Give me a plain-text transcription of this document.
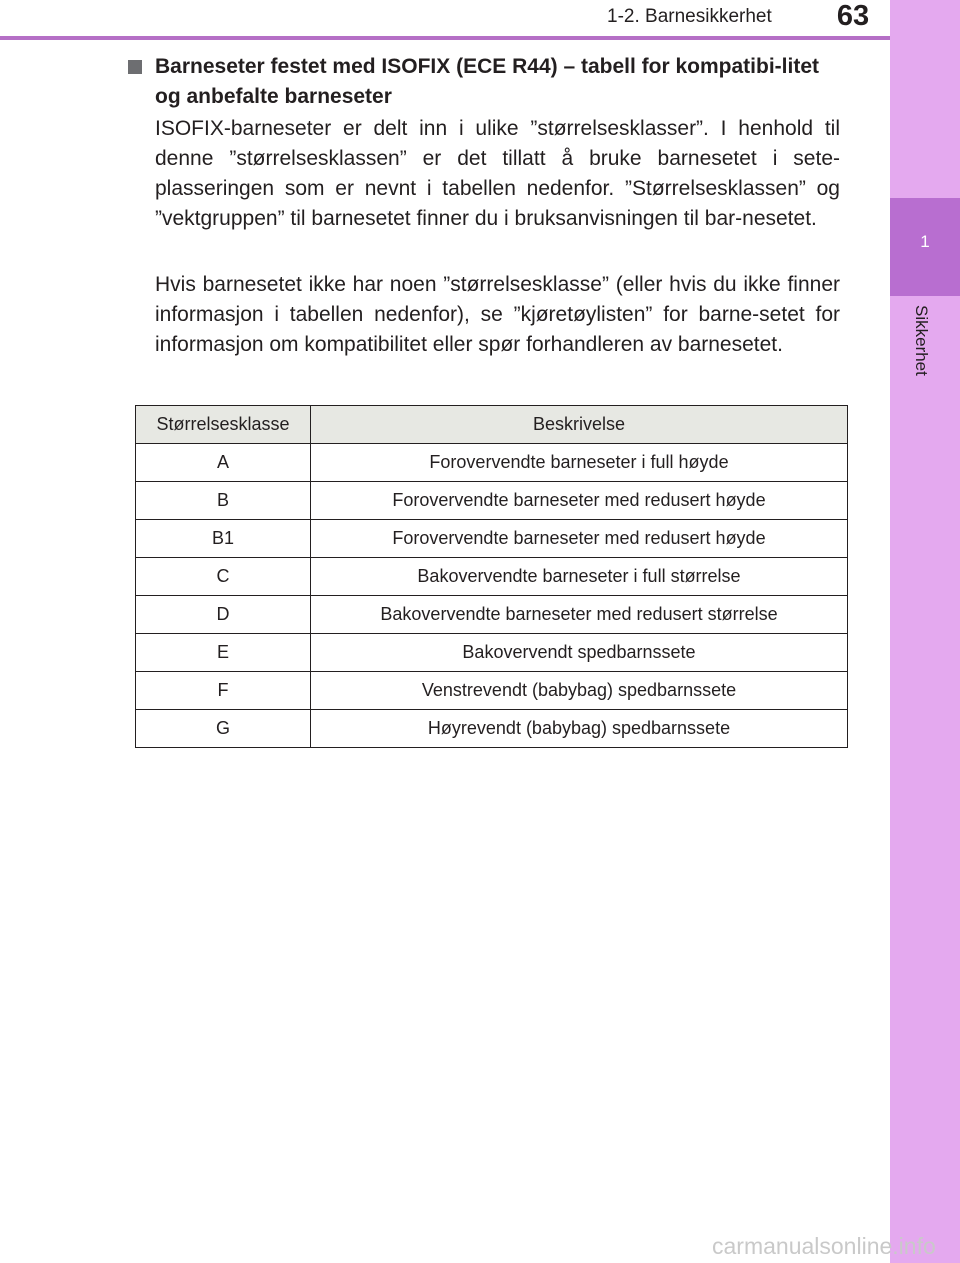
1-2. Barnesikkerhet	63
1
Sikkerhet
Barneseter festet med ISOFIX (ECE R44) – tabell for kompatibi-litet og anbefalte barneseter
ISOFIX-barneseter er delt inn i ulike ”størrelsesklasser”. I henhold til denne ”størrelsesklassen” er det tillatt å bruke barnesetet i sete-plasseringen som er nevnt i tabellen nedenfor. ”Størrelsesklassen” og ”vektgruppen” til barnesetet finner du i bruksanvisningen til bar-nesetet.
Hvis barnesetet ikke har noen ”størrelsesklasse” (eller hvis du ikke finner informasjon i tabellen nedenfor), se ”kjøretøylisten” for barne-setet for informasjon om kompatibilitet eller spør forhandleren av barnesetet.
Størrelsesklasse	Beskrivelse
A	Forovervendte barneseter i full høyde
B	Forovervendte barneseter med redusert høyde
B1	Forovervendte barneseter med redusert høyde
C	Bakovervendte barneseter i full størrelse
D	Bakovervendte barneseter med redusert størrelse
E	Bakovervendt spedbarnssete
F	Venstrevendt (babybag) spedbarnssete
G	Høyrevendt (babybag) spedbarnssete
carmanualsonline.info
